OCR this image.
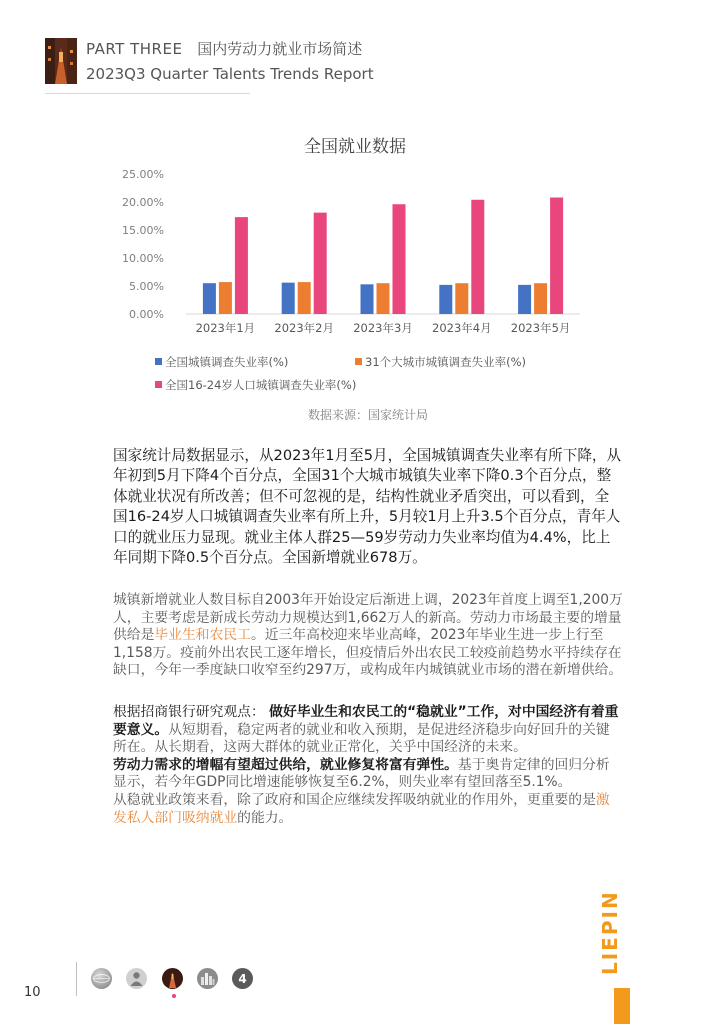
PART THREE 国内劳动力就业市场简述
2023Q3 Quarter Talents Trends Report
全国就业数据
0.00%
5.00%
10.00%
15.00%
20.00%
25.00%
2023年1月 2023年2月 2023年3月 2023年4月 2023年5月
全国城镇调查失业率(%)	31个大城市城镇调查失业率(%)
全国16-24岁人口城镇调查失业率(%)
数据来源：国家统计局
国家统计局数据显示，从2023年1月至5月，全国城镇调查失业率有所下降，从年初到5月下降4个百分点，全国31个大城市城镇失业率下降0.3个百分点，整体就业状况有所改善；但不可忽视的是，结构性就业矛盾突出，可以看到，全国16-24岁人口城镇调查失业率有所上升，5月较1月上升3.5个百分点，青年人口的就业压力显现。就业主体人群25—59岁劳动力失业率均值为4.4%，比上年同期下降0.5个百分点。全国新增就业678万。
城镇新增就业人数目标自2003年开始设定后渐进上调，2023年首度上调至1,200万人，主要考虑是新成长劳动力规模达到1,662万人的新高。劳动力市场最主要的增量供给是毕业生和农民工。近三年高校迎来毕业高峰，2023年毕业生进一步上行至1,158万。疫前外出农民工逐年增长，但疫情后外出农民工较疫前趋势水平持续存在缺口，今年一季度缺口收窄至约297万，或构成年内城镇就业市场的潜在新增供给。
根据招商银行研究观点： 做好毕业生和农民工的“稳就业”工作，对中国经济有着重要意义。从短期看，稳定两者的就业和收入预期，是促进经济稳步向好回升的关键所在。从长期看，这两大群体的就业正常化，关乎中国经济的未来。
劳动力需求的增幅有望超过供给，就业修复将富有弹性。基于奥肯定律的回归分析显示，若今年GDP同比增速能够恢复至6.2%，则失业率有望回落至5.1%。
从稳就业政策来看，除了政府和国企应继续发挥吸纳就业的作用外，更重要的是激发私人部门吸纳就业的能力。
10
4
LIEPIN
